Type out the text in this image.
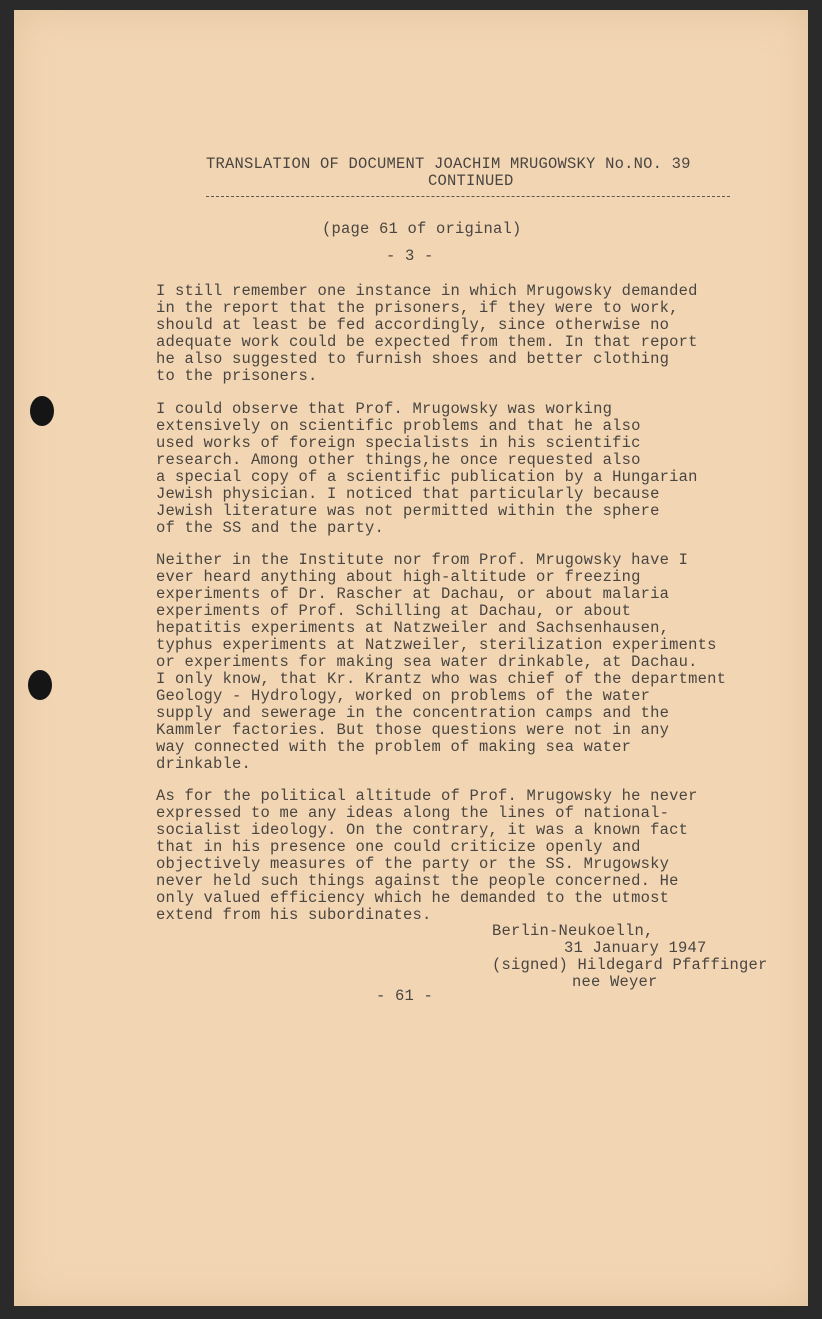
TRANSLATION OF DOCUMENT JOACHIM MRUGOWSKY No.NO. 39
CONTINUED
(page 61 of original)
- 3 -
I still remember one instance in which Mrugowsky demanded
in the report that the prisoners, if they were to work,
should at least be fed accordingly, since otherwise no
adequate work could be expected from them. In that report
he also suggested to furnish shoes and better clothing
to the prisoners.
I could observe that Prof. Mrugowsky was working
extensively on scientific problems and that he also
used works of foreign specialists in his scientific
research. Among other things,he once requested also
a special copy of a scientific publication by a Hungarian
Jewish physician. I noticed that particularly because
Jewish literature was not permitted within the sphere
of the SS and the party.
Neither in the Institute nor from Prof. Mrugowsky have I
ever heard anything about high-altitude or freezing
experiments of Dr. Rascher at Dachau, or about malaria
experiments of Prof. Schilling at Dachau, or about
hepatitis experiments at Natzweiler and Sachsenhausen,
typhus experiments at Natzweiler, sterilization experiments
or experiments for making sea water drinkable, at Dachau.
I only know, that Kr. Krantz who was chief of the department
Geology - Hydrology, worked on problems of the water
supply and sewerage in the concentration camps and the
Kammler factories. But those questions were not in any
way connected with the problem of making sea water
drinkable.
As for the political altitude of Prof. Mrugowsky he never
expressed to me any ideas along the lines of national-
socialist ideology. On the contrary, it was a known fact
that in his presence one could criticize openly and
objectively measures of the party or the SS. Mrugowsky
never held such things against the people concerned. He
only valued efficiency which he demanded to the utmost
extend from his subordinates.
Berlin-Neukoelln,
31 January 1947
(signed) Hildegard Pfaffinger
nee Weyer
- 61 -
